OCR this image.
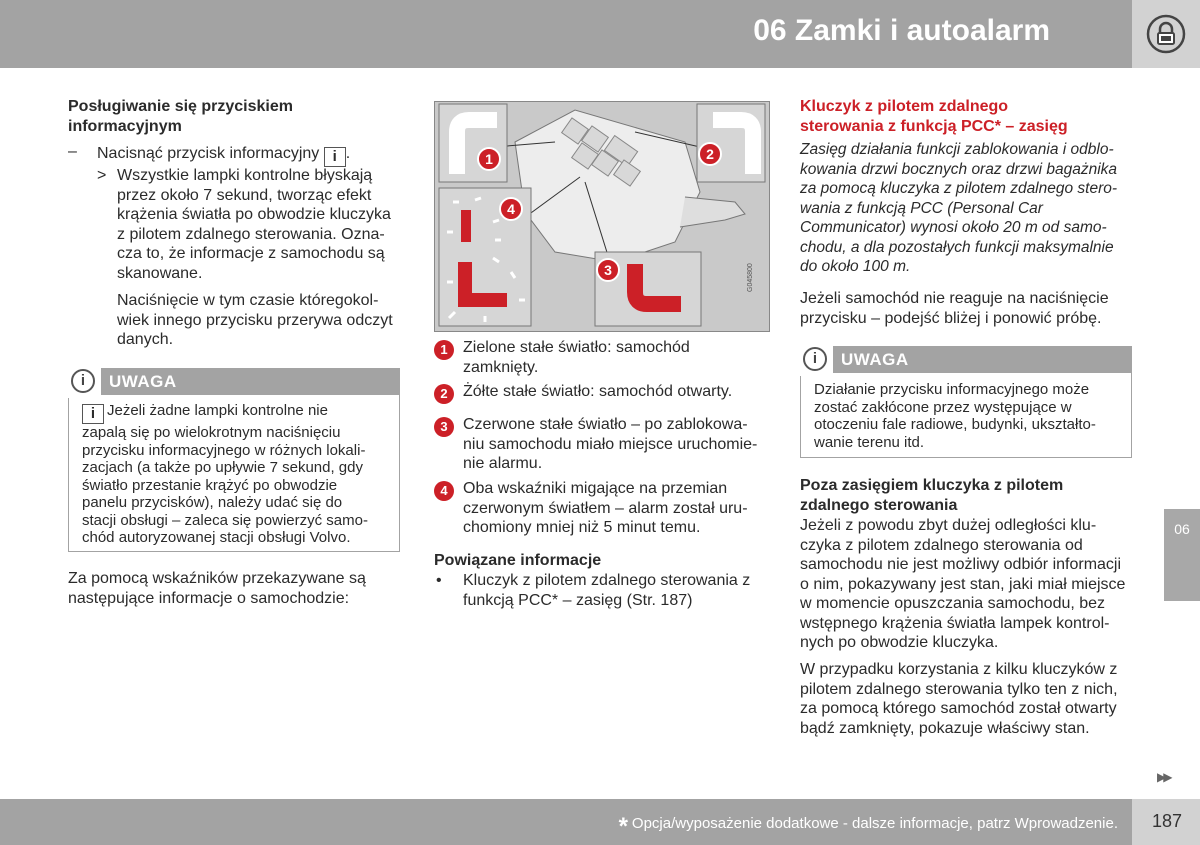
06 Zamki i autoalarm
Posługiwanie się przyciskiem informacyjnym
– Nacisnąć przycisk informacyjny i .
> Wszystkie lampki kontrolne błyskają
przez około 7 sekund, tworząc efekt
krążenia światła po obwodzie kluczyka
z pilotem zdalnego sterowania. Ozna-
cza to, że informacje z samochodu są
skanowane.
Naciśnięcie w tym czasie któregokol-
wiek innego przycisku przerywa odczyt
danych.
i	UWAGA
i Jeżeli żadne lampki kontrolne nie
zapalą się po wielokrotnym naciśnięciu
przycisku informacyjnego w różnych lokali-
zacjach (a także po upływie 7 sekund, gdy
światło przestanie krążyć po obwodzie
panelu przycisków), należy udać się do
stacji obsługi – zaleca się powierzyć samo-
chód autoryzowanej stacji obsługi Volvo.
Za pomocą wskaźników przekazywane są
następujące informacje o samochodzie:
1	2
3
4
G045800
1 Zielone stałe światło: samochód
zamknięty.
2 Żółte stałe światło: samochód otwarty.
3 Czerwone stałe światło – po zablokowa-
niu samochodu miało miejsce uruchomie-
nie alarmu.
4 Oba wskaźniki migające na przemian
czerwonym światłem – alarm został uru-
chomiony mniej niż 5 minut temu.
Powiązane informacje
• Kluczyk z pilotem zdalnego sterowania z
funkcją PCC* – zasięg (Str. 187)
Kluczyk z pilotem zdalnego
sterowania z funkcją PCC* – zasięg
Zasięg działania funkcji zablokowania i odblo-
kowania drzwi bocznych oraz drzwi bagażnika
za pomocą kluczyka z pilotem zdalnego stero-
wania z funkcją PCC (Personal Car
Communicator) wynosi około 20 m od samo-
chodu, a dla pozostałych funkcji maksymalnie
do około 100 m.
Jeżeli samochód nie reaguje na naciśnięcie
przycisku – podejść bliżej i ponowić próbę.
i	UWAGA
Działanie przycisku informacyjnego może
zostać zakłócone przez występujące w
otoczeniu fale radiowe, budynki, ukształto-
wanie terenu itd.
Poza zasięgiem kluczyka z pilotem
zdalnego sterowania
Jeżeli z powodu zbyt dużej odległości klu-
czyka z pilotem zdalnego sterowania od
samochodu nie jest możliwy odbiór informacji
o nim, pokazywany jest stan, jaki miał miejsce
w momencie opuszczania samochodu, bez
wstępnego krążenia światła lampek kontrol-
nych po obwodzie kluczyka.
W przypadku korzystania z kilku kluczyków z
pilotem zdalnego sterowania tylko ten z nich,
za pomocą którego samochód został otwarty
bądź zamknięty, pokazuje właściwy stan.
06
▶▶
* Opcja/wyposażenie dodatkowe - dalsze informacje, patrz Wprowadzenie. 187
